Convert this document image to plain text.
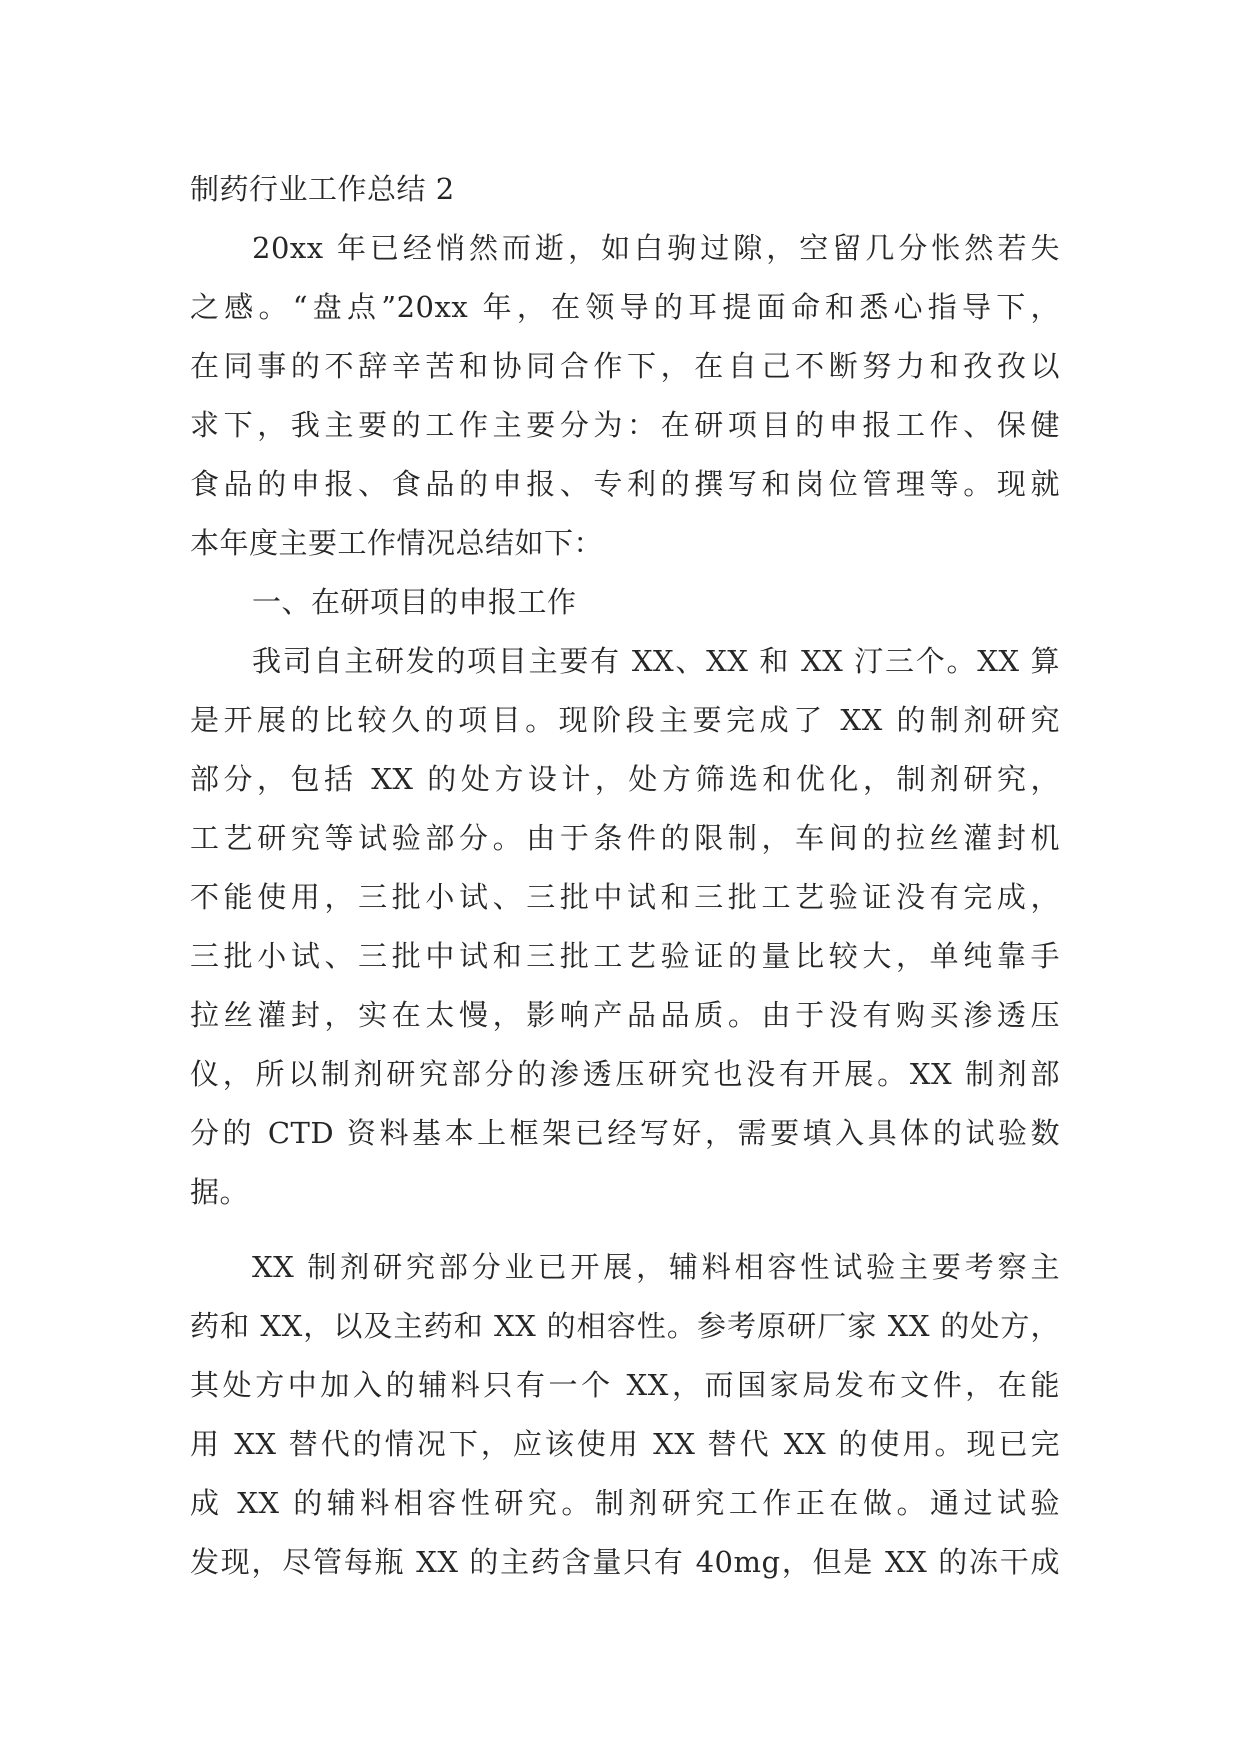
制药行业工作总结 2
20xx 年已经悄然而逝，如白驹过隙，空留几分怅然若失
之感。“盘点”20xx 年，在领导的耳提面命和悉心指导下，
在同事的不辞辛苦和协同合作下，在自己不断努力和孜孜以
求下，我主要的工作主要分为：在研项目的申报工作、保健
食品的申报、食品的申报、专利的撰写和岗位管理等。现就
本年度主要工作情况总结如下：
一、在研项目的申报工作
我司自主研发的项目主要有 XX、XX 和 XX 汀三个。XX 算
是开展的比较久的项目。现阶段主要完成了 XX 的制剂研究
部分，包括 XX 的处方设计，处方筛选和优化，制剂研究，
工艺研究等试验部分。由于条件的限制，车间的拉丝灌封机
不能使用，三批小试、三批中试和三批工艺验证没有完成，
三批小试、三批中试和三批工艺验证的量比较大，单纯靠手
拉丝灌封，实在太慢，影响产品品质。由于没有购买渗透压
仪，所以制剂研究部分的渗透压研究也没有开展。XX 制剂部
分的 CTD 资料基本上框架已经写好，需要填入具体的试验数
据。
XX 制剂研究部分业已开展，辅料相容性试验主要考察主
药和 XX，以及主药和 XX 的相容性。参考原研厂家 XX 的处方，
其处方中加入的辅料只有一个 XX，而国家局发布文件，在能
用 XX 替代的情况下，应该使用 XX 替代 XX 的使用。现已完
成 XX 的辅料相容性研究。制剂研究工作正在做。通过试验
发现，尽管每瓶 XX 的主药含量只有 40mg，但是 XX 的冻干成
